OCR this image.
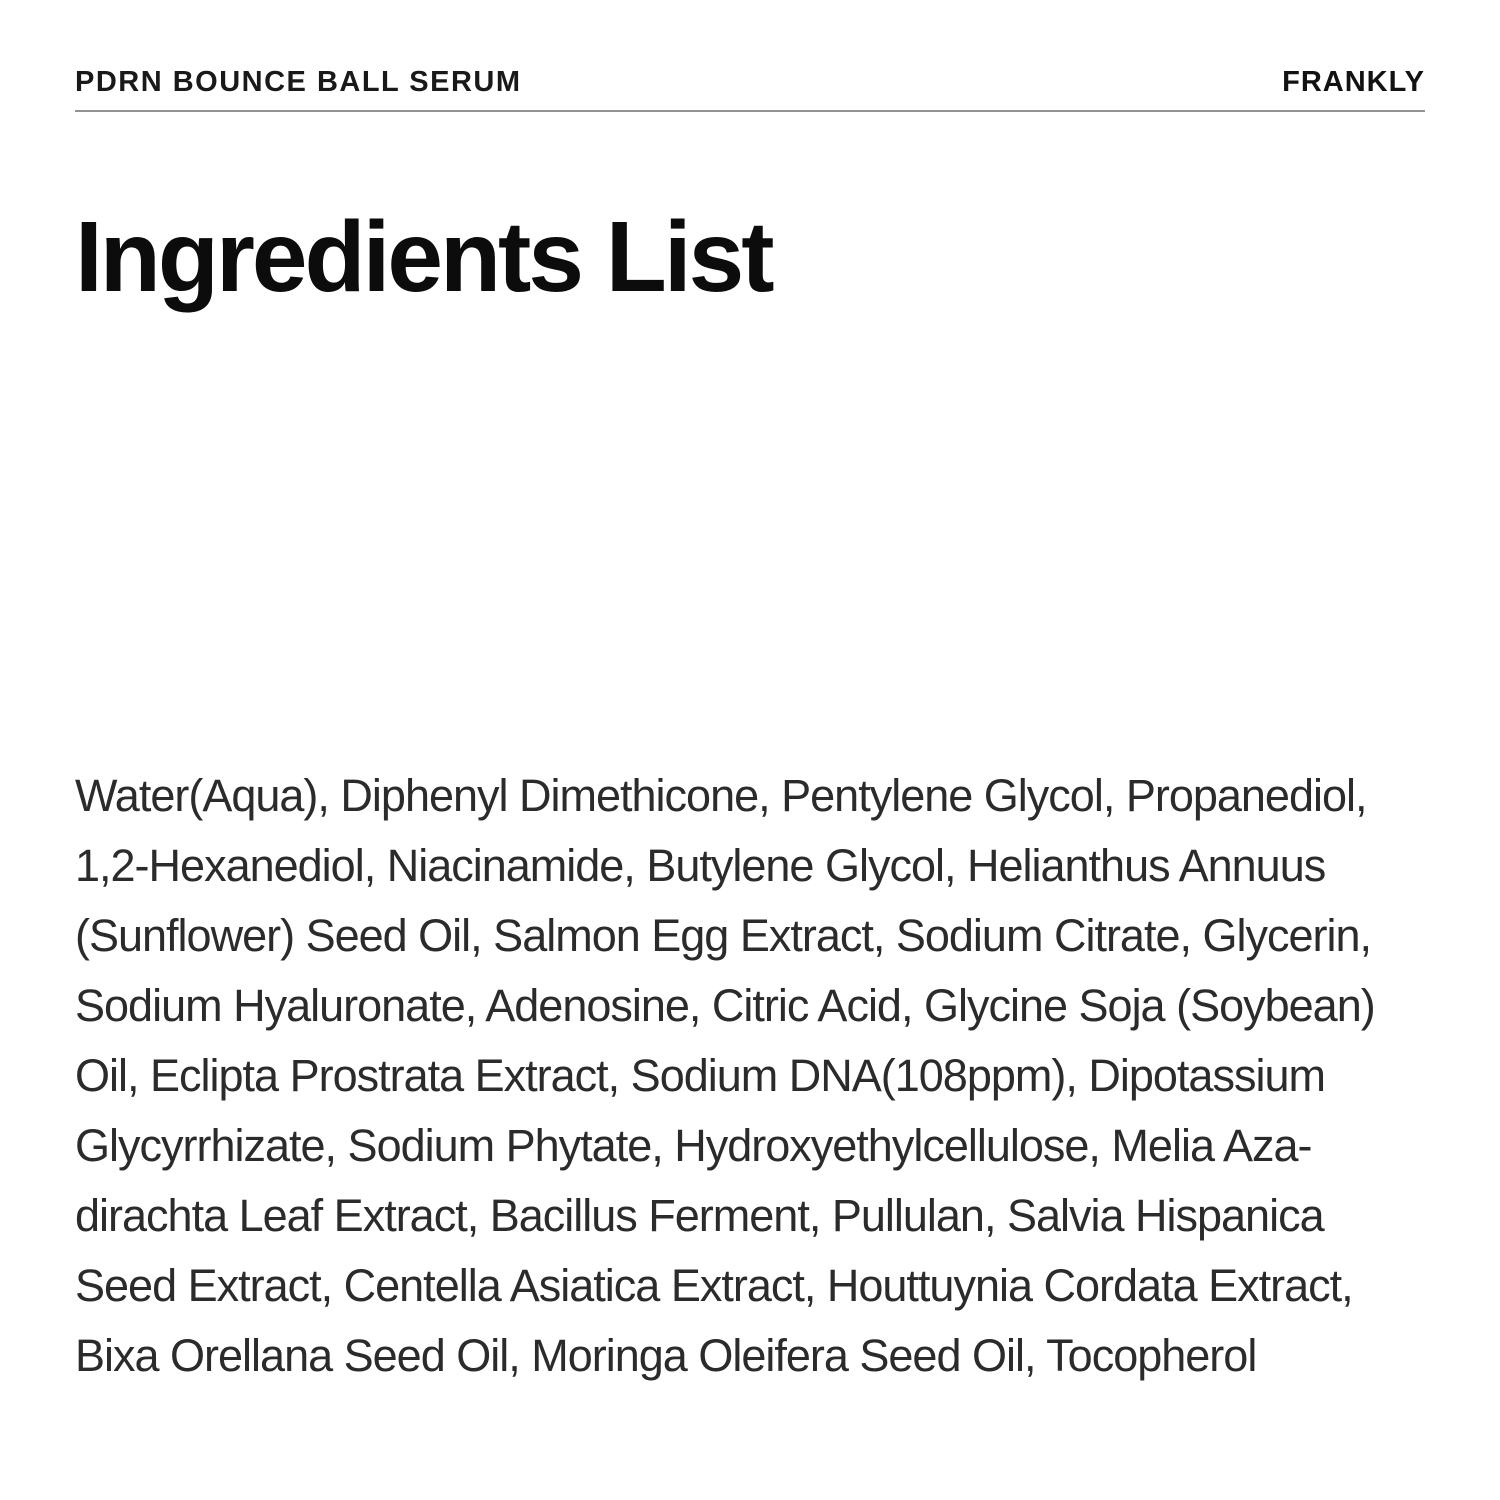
PDRN BOUNCE BALL SERUM	FRANKLY
Ingredients List
Water(Aqua), Diphenyl Dimethicone, Pentylene Glycol, Propanediol,
1,2-Hexanediol, Niacinamide, Butylene Glycol, Helianthus Annuus
(Sunflower) Seed Oil, Salmon Egg Extract, Sodium Citrate, Glycerin,
Sodium Hyaluronate, Adenosine, Citric Acid, Glycine Soja (Soybean)
Oil, Eclipta Prostrata Extract, Sodium DNA(108ppm), Dipotassium
Glycyrrhizate, Sodium Phytate, Hydroxyethylcellulose, Melia Aza-
dirachta Leaf Extract, Bacillus Ferment, Pullulan, Salvia Hispanica
Seed Extract, Centella Asiatica Extract, Houttuynia Cordata Extract,
Bixa Orellana Seed Oil, Moringa Oleifera Seed Oil, Tocopherol
